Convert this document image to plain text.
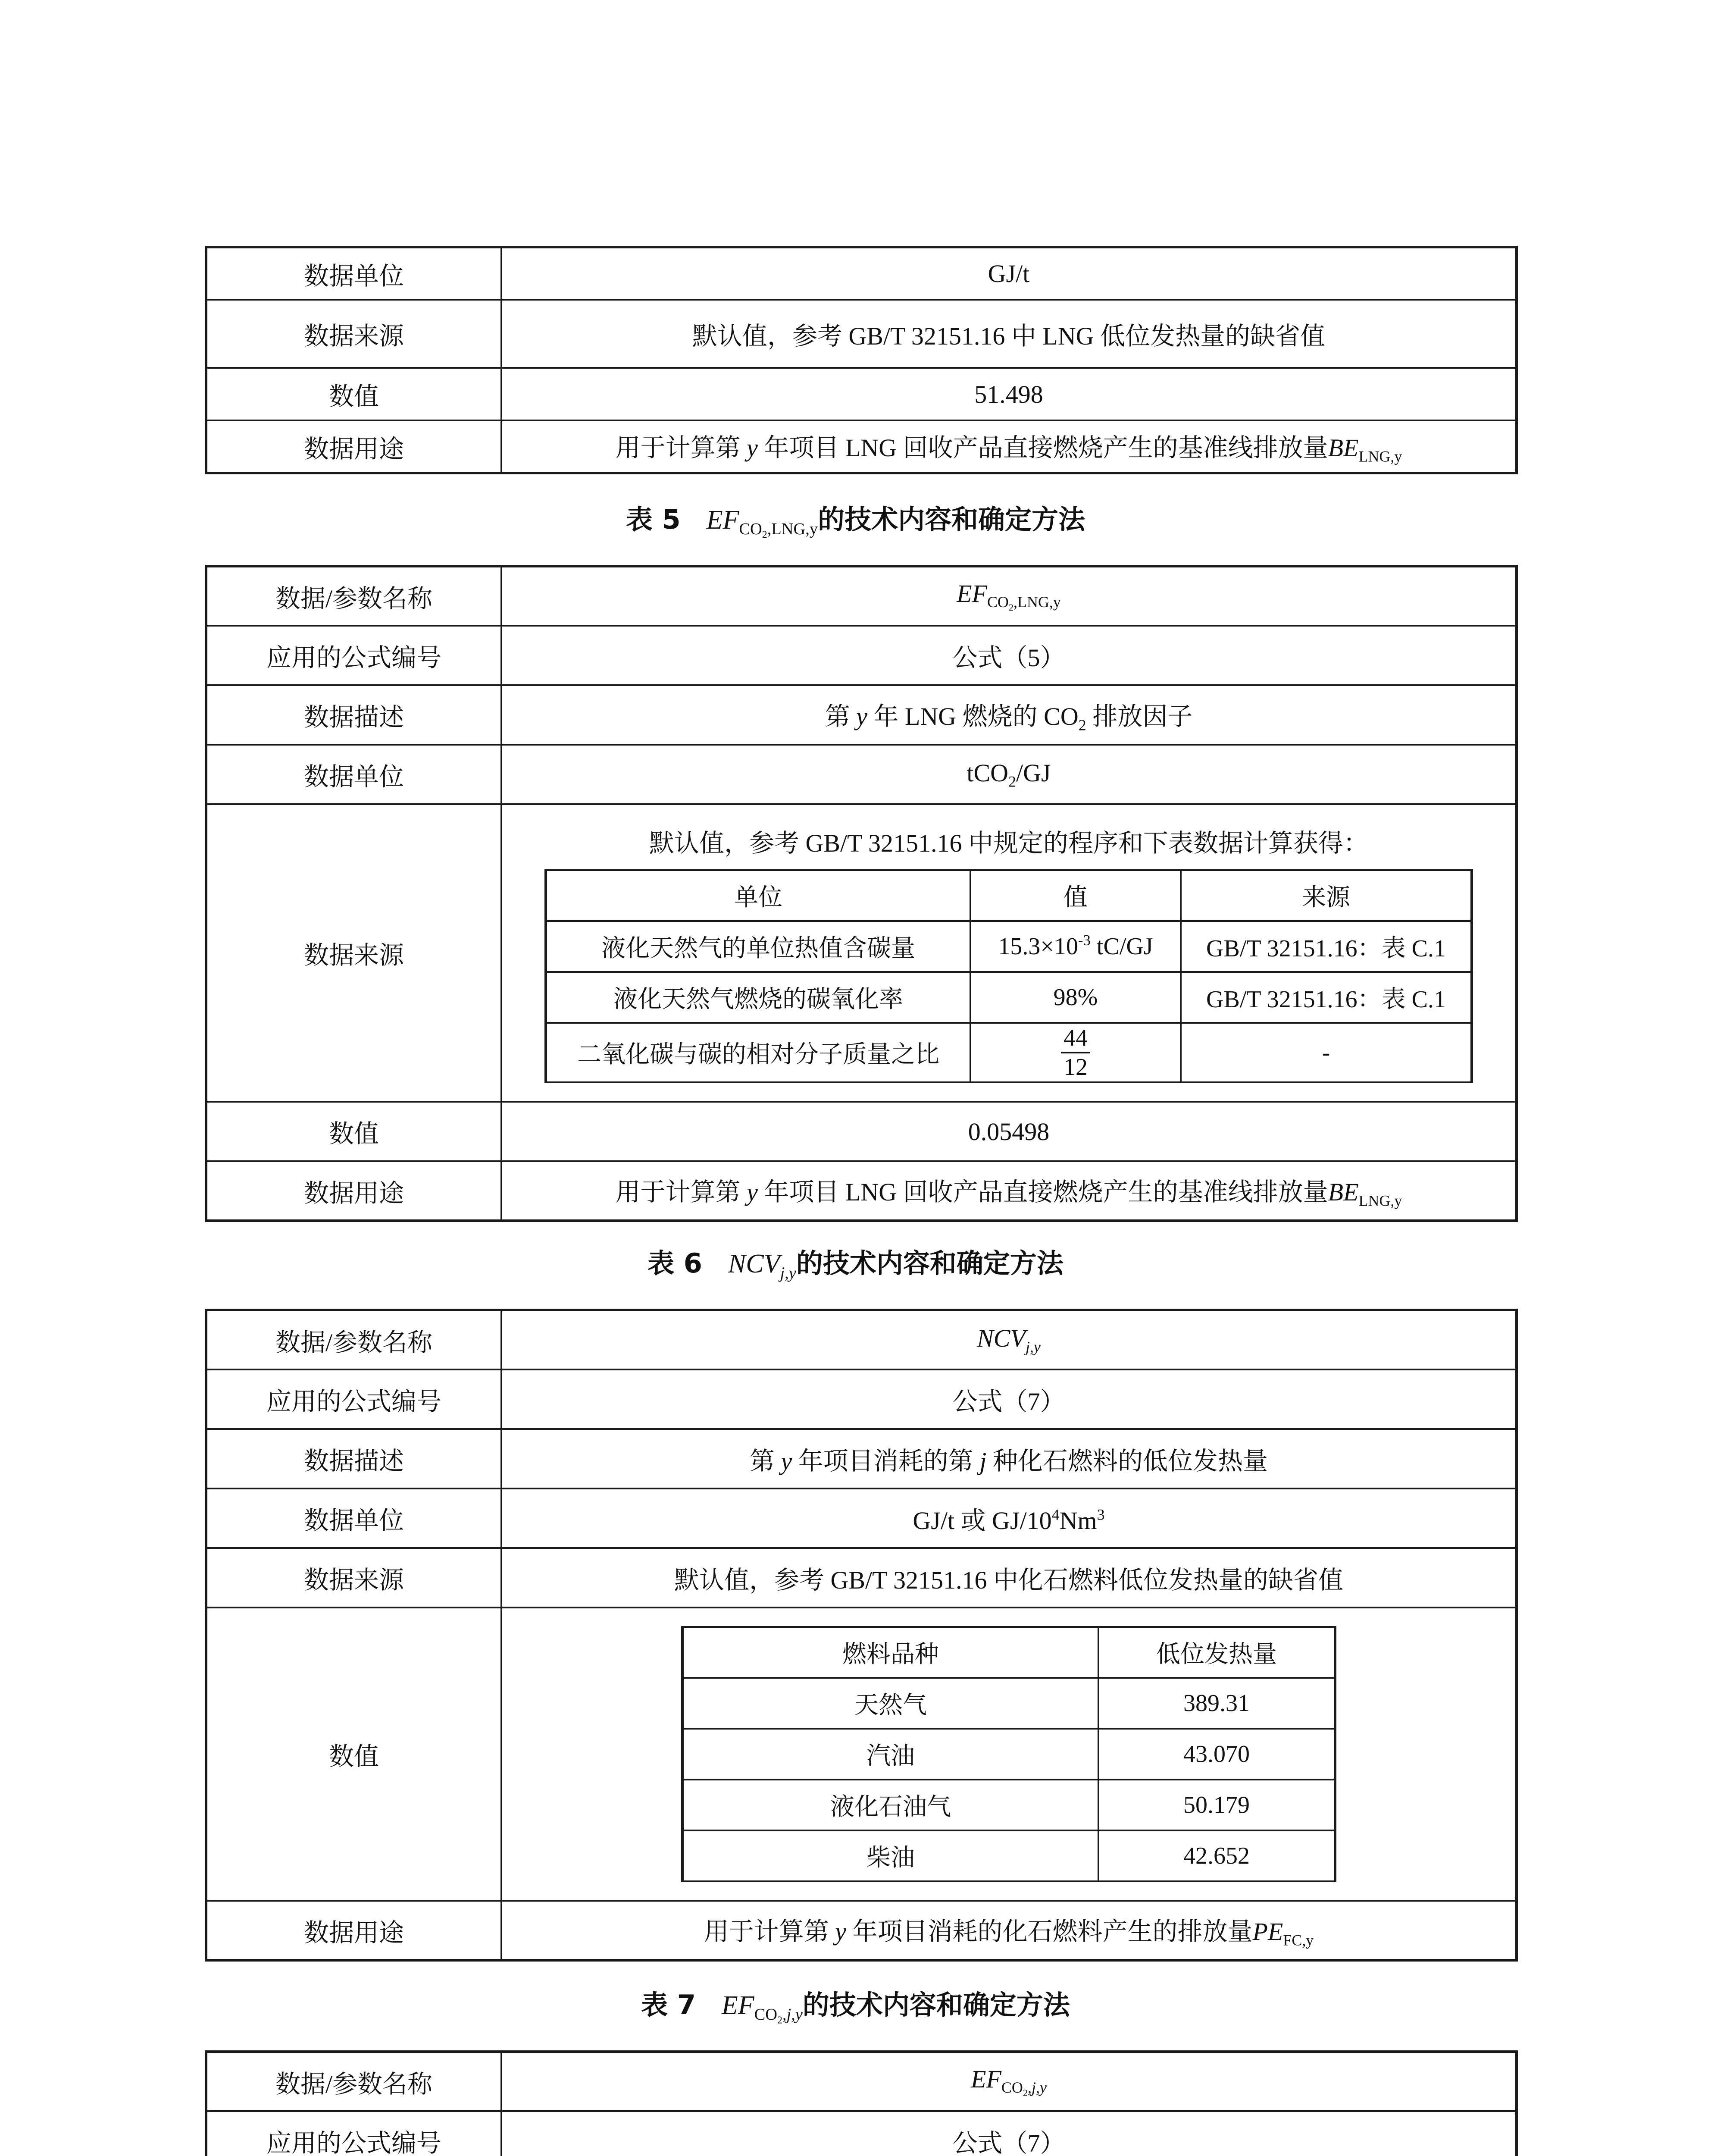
数据单位	GJ/t
数据来源	默认值，参考 GB/T 32151.16 中 LNG 低位发热量的缺省值
数值	51.498
数据用途	用于计算第 y 年项目 LNG 回收产品直接燃烧产生的基准线排放量$BE_{LNG,y}$
表 5 $EF_{CO_2,LNG,y}$的技术内容和确定方法
数据/参数名称	$EF_{CO_2,LNG,y}$
应用的公式编号	公式（5）
数据描述	第 y 年 LNG 燃烧的 $CO_2$ 排放因子
数据单位	tCO$_2$/GJ
数据来源	
默认值，参考 GB/T 32151.16 中规定的程序和下表数据计算获得：
单位	值	来源
液化天然气的单位热值含碳量	$15.3\times 10^{-3}$ tC/GJ	GB/T 32151.16：表 C.1
液化天然气燃烧的碳氧化率	98%	GB/T 32151.16：表 C.1
二氧化碳与碳的相对分子质量之比	$\frac{44}{12}$	-

数值	0.05498
数据用途	用于计算第 y 年项目 LNG 回收产品直接燃烧产生的基准线排放量$BE_{LNG,y}$
表 6 $NCV_{j,y}$的技术内容和确定方法
数据/参数名称	$NCV_{j,y}$
应用的公式编号	公式（7）
数据描述	第 y 年项目消耗的第 j 种化石燃料的低位发热量
数据单位	GJ/t 或 $GJ/10^4Nm^3$
数据来源	默认值，参考 GB/T 32151.16 中化石燃料低位发热量的缺省值
数值	
燃料品种	低位发热量
天然气	389.31
汽油	43.070
液化石油气	50.179
柴油	42.652

数据用途	用于计算第 y 年项目消耗的化石燃料产生的排放量$PE_{FC,y}$
表 7 $EF_{CO_2,j,y}$的技术内容和确定方法
数据/参数名称	$EF_{CO_2,j,y}$
应用的公式编号	公式（7）
